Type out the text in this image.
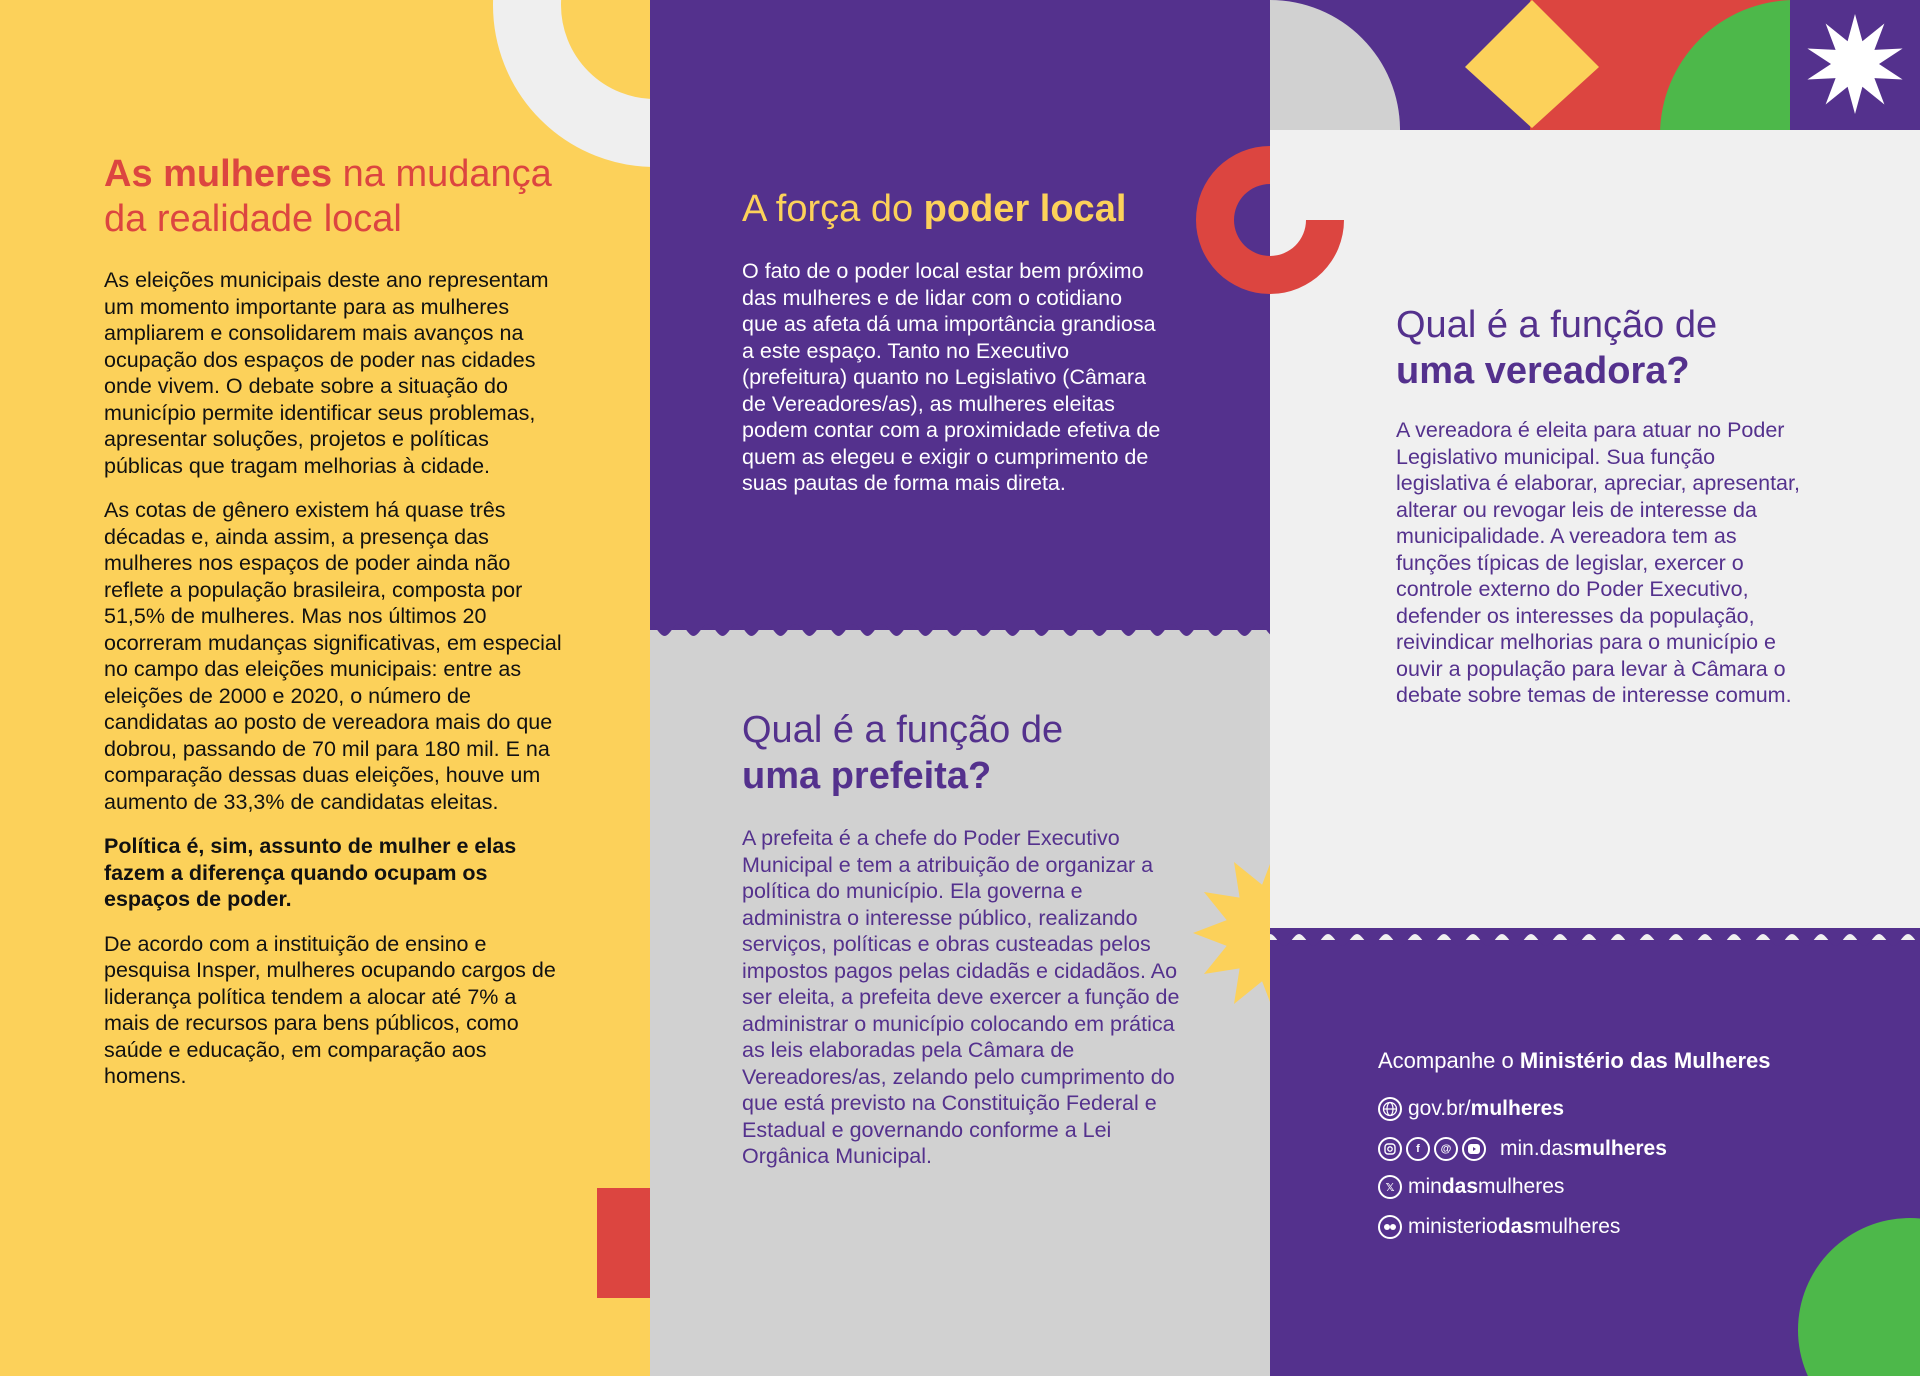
As mulheres na mudança
da realidade local

As eleições municipais deste ano representam um momento importante para as mulheres ampliarem e consolidarem mais avanços na ocupação dos espaços de poder nas cidades onde vivem. O debate sobre a situação do município permite identificar seus problemas, apresentar soluções, projetos e políticas públicas que tragam melhorias à cidade.

As cotas de gênero existem há quase três décadas e, ainda assim, a presença das mulheres nos espaços de poder ainda não reflete a população brasileira, composta por 51,5% de mulheres. Mas nos últimos 20 ocorreram mudanças significativas, em especial no campo das eleições municipais: entre as eleições de 2000 e 2020, o número de candidatas ao posto de vereadora mais do que dobrou, passando de 70 mil para 180 mil. E na comparação dessas duas eleições, houve um aumento de 33,3% de candidatas eleitas.

Política é, sim, assunto de mulher e elas fazem a diferença quando ocupam os espaços de poder.

De acordo com a instituição de ensino e pesquisa Insper, mulheres ocupando cargos de liderança política tendem a alocar até 7% a mais de recursos para bens públicos, como saúde e educação, em comparação aos homens.

A força do poder local

O fato de o poder local estar bem próximo das mulheres e de lidar com o cotidiano que as afeta dá uma importância grandiosa a este espaço. Tanto no Executivo (prefeitura) quanto no Legislativo (Câmara de Vereadores/as), as mulheres eleitas podem contar com a proximidade efetiva de quem as elegeu e exigir o cumprimento de suas pautas de forma mais direta.

Qual é a função de
uma prefeita?

A prefeita é a chefe do Poder Executivo Municipal e tem a atribuição de organizar a política do município. Ela governa e administra o interesse público, realizando serviços, políticas e obras custeadas pelos impostos pagos pelas cidadãs e cidadãos. Ao ser eleita, a prefeita deve exercer a função de administrar o município colocando em prática as leis elaboradas pela Câmara de Vereadores/as, zelando pelo cumprimento do que está previsto na Constituição Federal e Estadual e governando conforme a Lei Orgânica Municipal.

Qual é a função de
uma vereadora?

A vereadora é eleita para atuar no Poder Legislativo municipal. Sua função legislativa é elaborar, apreciar, apresentar, alterar ou revogar leis de interesse da municipalidade. A vereadora tem as funções típicas de legislar, exercer o controle externo do Poder Executivo, defender os interesses da população, reivindicar melhorias para o município e ouvir a população para levar à Câmara o debate sobre temas de interesse comum.

Acompanhe o Ministério das Mulheres
gov.br/mulheres
f	@	min.dasmulheres
𝕏 mindasmulheres
ministeriodasmulheres
